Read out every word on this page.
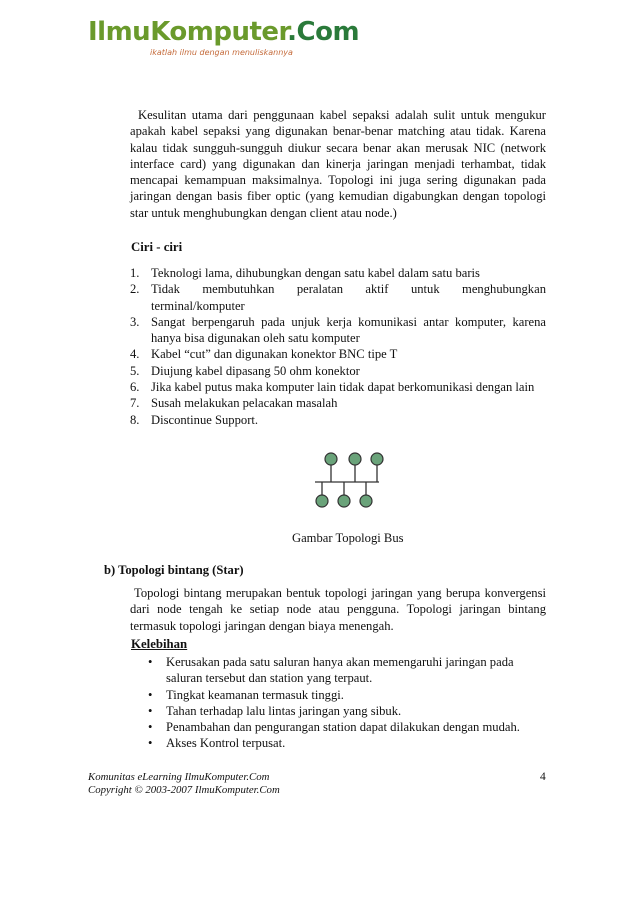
IlmuKomputer.Com
ikatlah ilmu dengan menuliskannya
Kesulitan utama dari penggunaan kabel sepaksi adalah sulit untuk mengukur apakah kabel sepaksi yang digunakan benar-benar matching atau tidak. Karena kalau tidak sungguh-sungguh diukur secara benar akan merusak NIC (network interface card) yang digunakan dan kinerja jaringan menjadi terhambat, tidak mencapai kemampuan maksimalnya. Topologi ini juga sering digunakan pada jaringan dengan basis fiber optic (yang kemudian digabungkan dengan topologi star untuk menghubungkan dengan client atau node.)
Ciri - ciri
1. Teknologi lama, dihubungkan dengan satu kabel dalam satu baris
2. Tidak membutuhkan peralatan aktif untuk menghubungkan
terminal/komputer
3. Sangat berpengaruh pada unjuk kerja komunikasi antar komputer, karena hanya bisa digunakan oleh satu komputer
4. Kabel “cut” dan digunakan konektor BNC tipe T
5. Diujung kabel dipasang 50 ohm konektor
6. Jika kabel putus maka komputer lain tidak dapat berkomunikasi dengan lain
7. Susah melakukan pelacakan masalah
8. Discontinue Support.
Gambar Topologi Bus
b) Topologi bintang (Star)
Topologi bintang merupakan bentuk topologi jaringan yang berupa konvergensi dari node tengah ke setiap node atau pengguna. Topologi jaringan bintang termasuk topologi jaringan dengan biaya menengah.
Kelebihan
• Kerusakan pada satu saluran hanya akan memengaruhi jaringan pada saluran tersebut dan station yang terpaut.
• Tingkat keamanan termasuk tinggi.
• Tahan terhadap lalu lintas jaringan yang sibuk.
• Penambahan dan pengurangan station dapat dilakukan dengan mudah.
• Akses Kontrol terpusat.
Komunitas eLearning IlmuKomputer.Com
Copyright © 2003-2007 IlmuKomputer.Com
4
